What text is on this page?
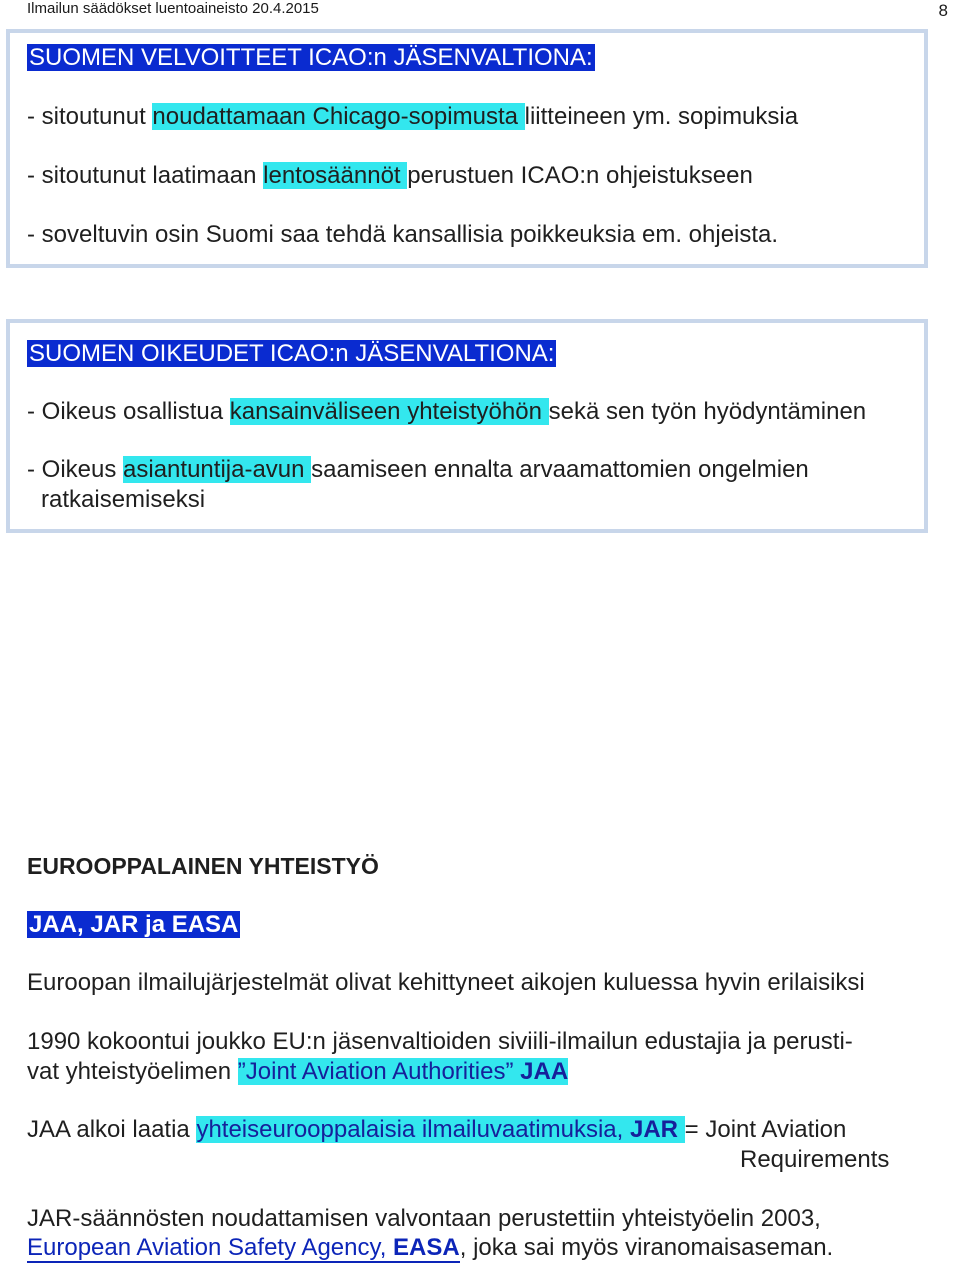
Ilmailun säädökset luentoaineisto 20.4.2015	8
SUOMEN VELVOITTEET ICAO:n JÄSENVALTIONA:
- sitoutunut noudattamaan Chicago-sopimusta liitteineen ym. sopimuksia
- sitoutunut laatimaan lentosäännöt perustuen ICAO:n ohjeistukseen
- soveltuvin osin Suomi saa tehdä kansallisia poikkeuksia em. ohjeista.
SUOMEN OIKEUDET ICAO:n JÄSENVALTIONA:
- Oikeus osallistua kansainväliseen yhteistyöhön sekä sen työn hyödyntäminen
- Oikeus asiantuntija-avun saamiseen ennalta arvaamattomien ongelmien
ratkaisemiseksi
EUROOPPALAINEN YHTEISTYÖ
JAA, JAR ja EASA
Euroopan ilmailujärjestelmät olivat kehittyneet aikojen kuluessa hyvin erilaisiksi
1990 kokoontui joukko EU:n jäsenvaltioiden siviili-ilmailun edustajia ja perusti-
vat yhteistyöelimen ”Joint Aviation Authorities” JAA
JAA alkoi laatia yhteiseurooppalaisia ilmailuvaatimuksia, JAR = Joint Aviation
Requirements
JAR-säännösten noudattamisen valvontaan perustettiin yhteistyöelin 2003,
European Aviation Safety Agency, EASA, joka sai myös viranomaisaseman.
